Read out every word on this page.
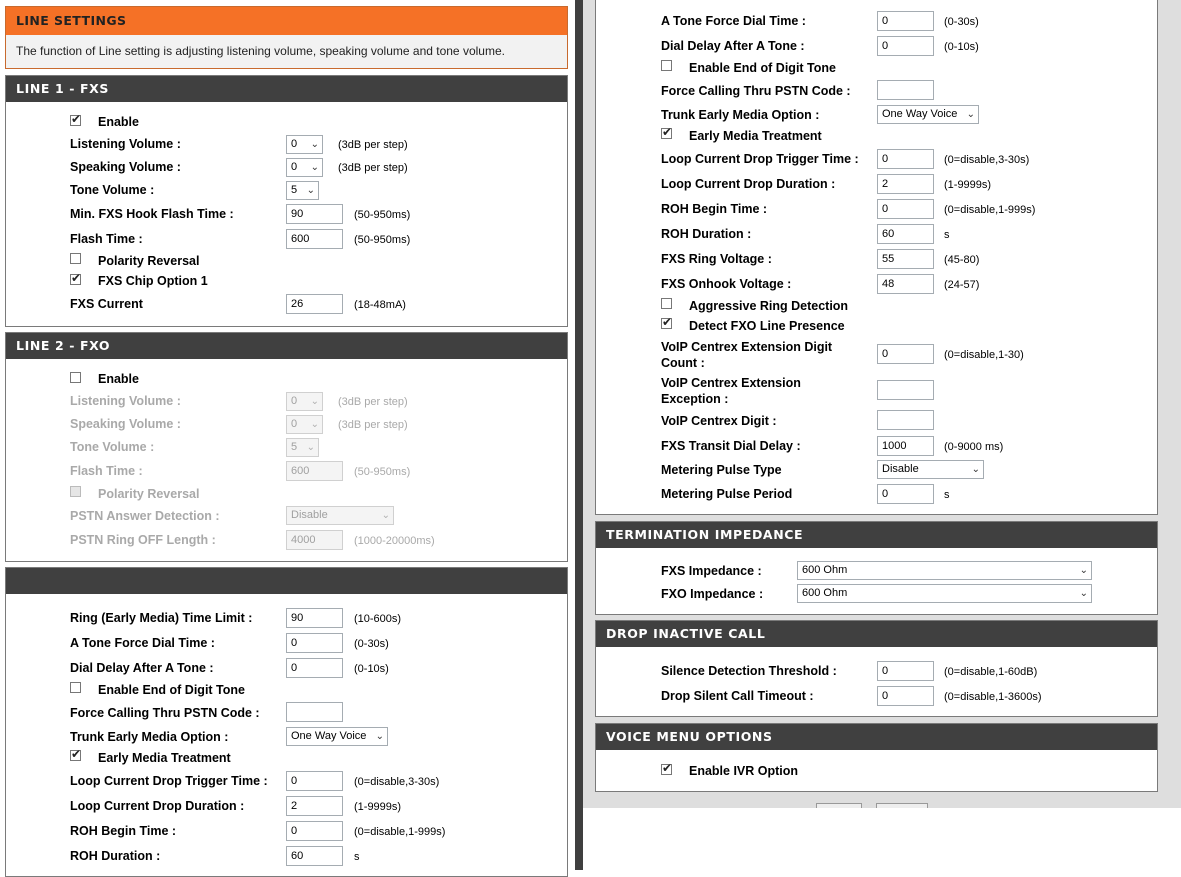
LINE SETTINGS
The function of Line setting is adjusting listening volume, speaking volume and tone volume.
LINE 1 - FXS
✔
Enable
Listening Volume :	0 ⌄ (3dB per step)
Speaking Volume :	0 ⌄ (3dB per step)
Tone Volume :	5 ⌄
Min. FXS Hook Flash Time :	90	(50-950ms)
Flash Time :	600	(50-950ms)
Polarity Reversal
✔
FXS Chip Option 1
FXS Current	26	(18-48mA)
LINE 2 - FXO
Enable
Listening Volume :	0 ⌄ (3dB per step)
Speaking Volume :	0 ⌄ (3dB per step)
Tone Volume :	5 ⌄
Flash Time :	600	(50-950ms)
Polarity Reversal
PSTN Answer Detection :	Disable	⌄
PSTN Ring OFF Length :	4000	(1000-20000ms)
Ring (Early Media) Time Limit :	90	(10-600s)
A Tone Force Dial Time :	0	(0-30s)
Dial Delay After A Tone :	0	(0-10s)
Enable End of Digit Tone
Force Calling Thru PSTN Code :
Trunk Early Media Option :	One Way Voice ⌄
✔
Early Media Treatment
Loop Current Drop Trigger Time :	0	(0=disable,3-30s)
Loop Current Drop Duration :	2	(1-9999s)
ROH Begin Time :	0	(0=disable,1-999s)
ROH Duration :	60	s
A Tone Force Dial Time :	0	(0-30s)
Dial Delay After A Tone :	0	(0-10s)
Enable End of Digit Tone
Force Calling Thru PSTN Code :
Trunk Early Media Option :	One Way Voice ⌄
✔
Early Media Treatment
Loop Current Drop Trigger Time :	0	(0=disable,3-30s)
Loop Current Drop Duration :	2	(1-9999s)
ROH Begin Time :	0	(0=disable,1-999s)
ROH Duration :	60	s
FXS Ring Voltage :	55	(45-80)
FXS Onhook Voltage :	48	(24-57)
Aggressive Ring Detection
✔
Detect FXO Line Presence
VoIP Centrex Extension Digit Count :
0	(0=disable,1-30)
VoIP Centrex Extension Exception :
VoIP Centrex Digit :
FXS Transit Dial Delay :	1000	(0-9000 ms)
Metering Pulse Type	Disable	⌄
Metering Pulse Period	0	s
TERMINATION IMPEDANCE
FXS Impedance :	600 Ohm	⌄
FXO Impedance :	600 Ohm	⌄
DROP INACTIVE CALL
Silence Detection Threshold :	0	(0=disable,1-60dB)
Drop Silent Call Timeout :	0	(0=disable,1-3600s)
VOICE MENU OPTIONS
✔
Enable IVR Option
